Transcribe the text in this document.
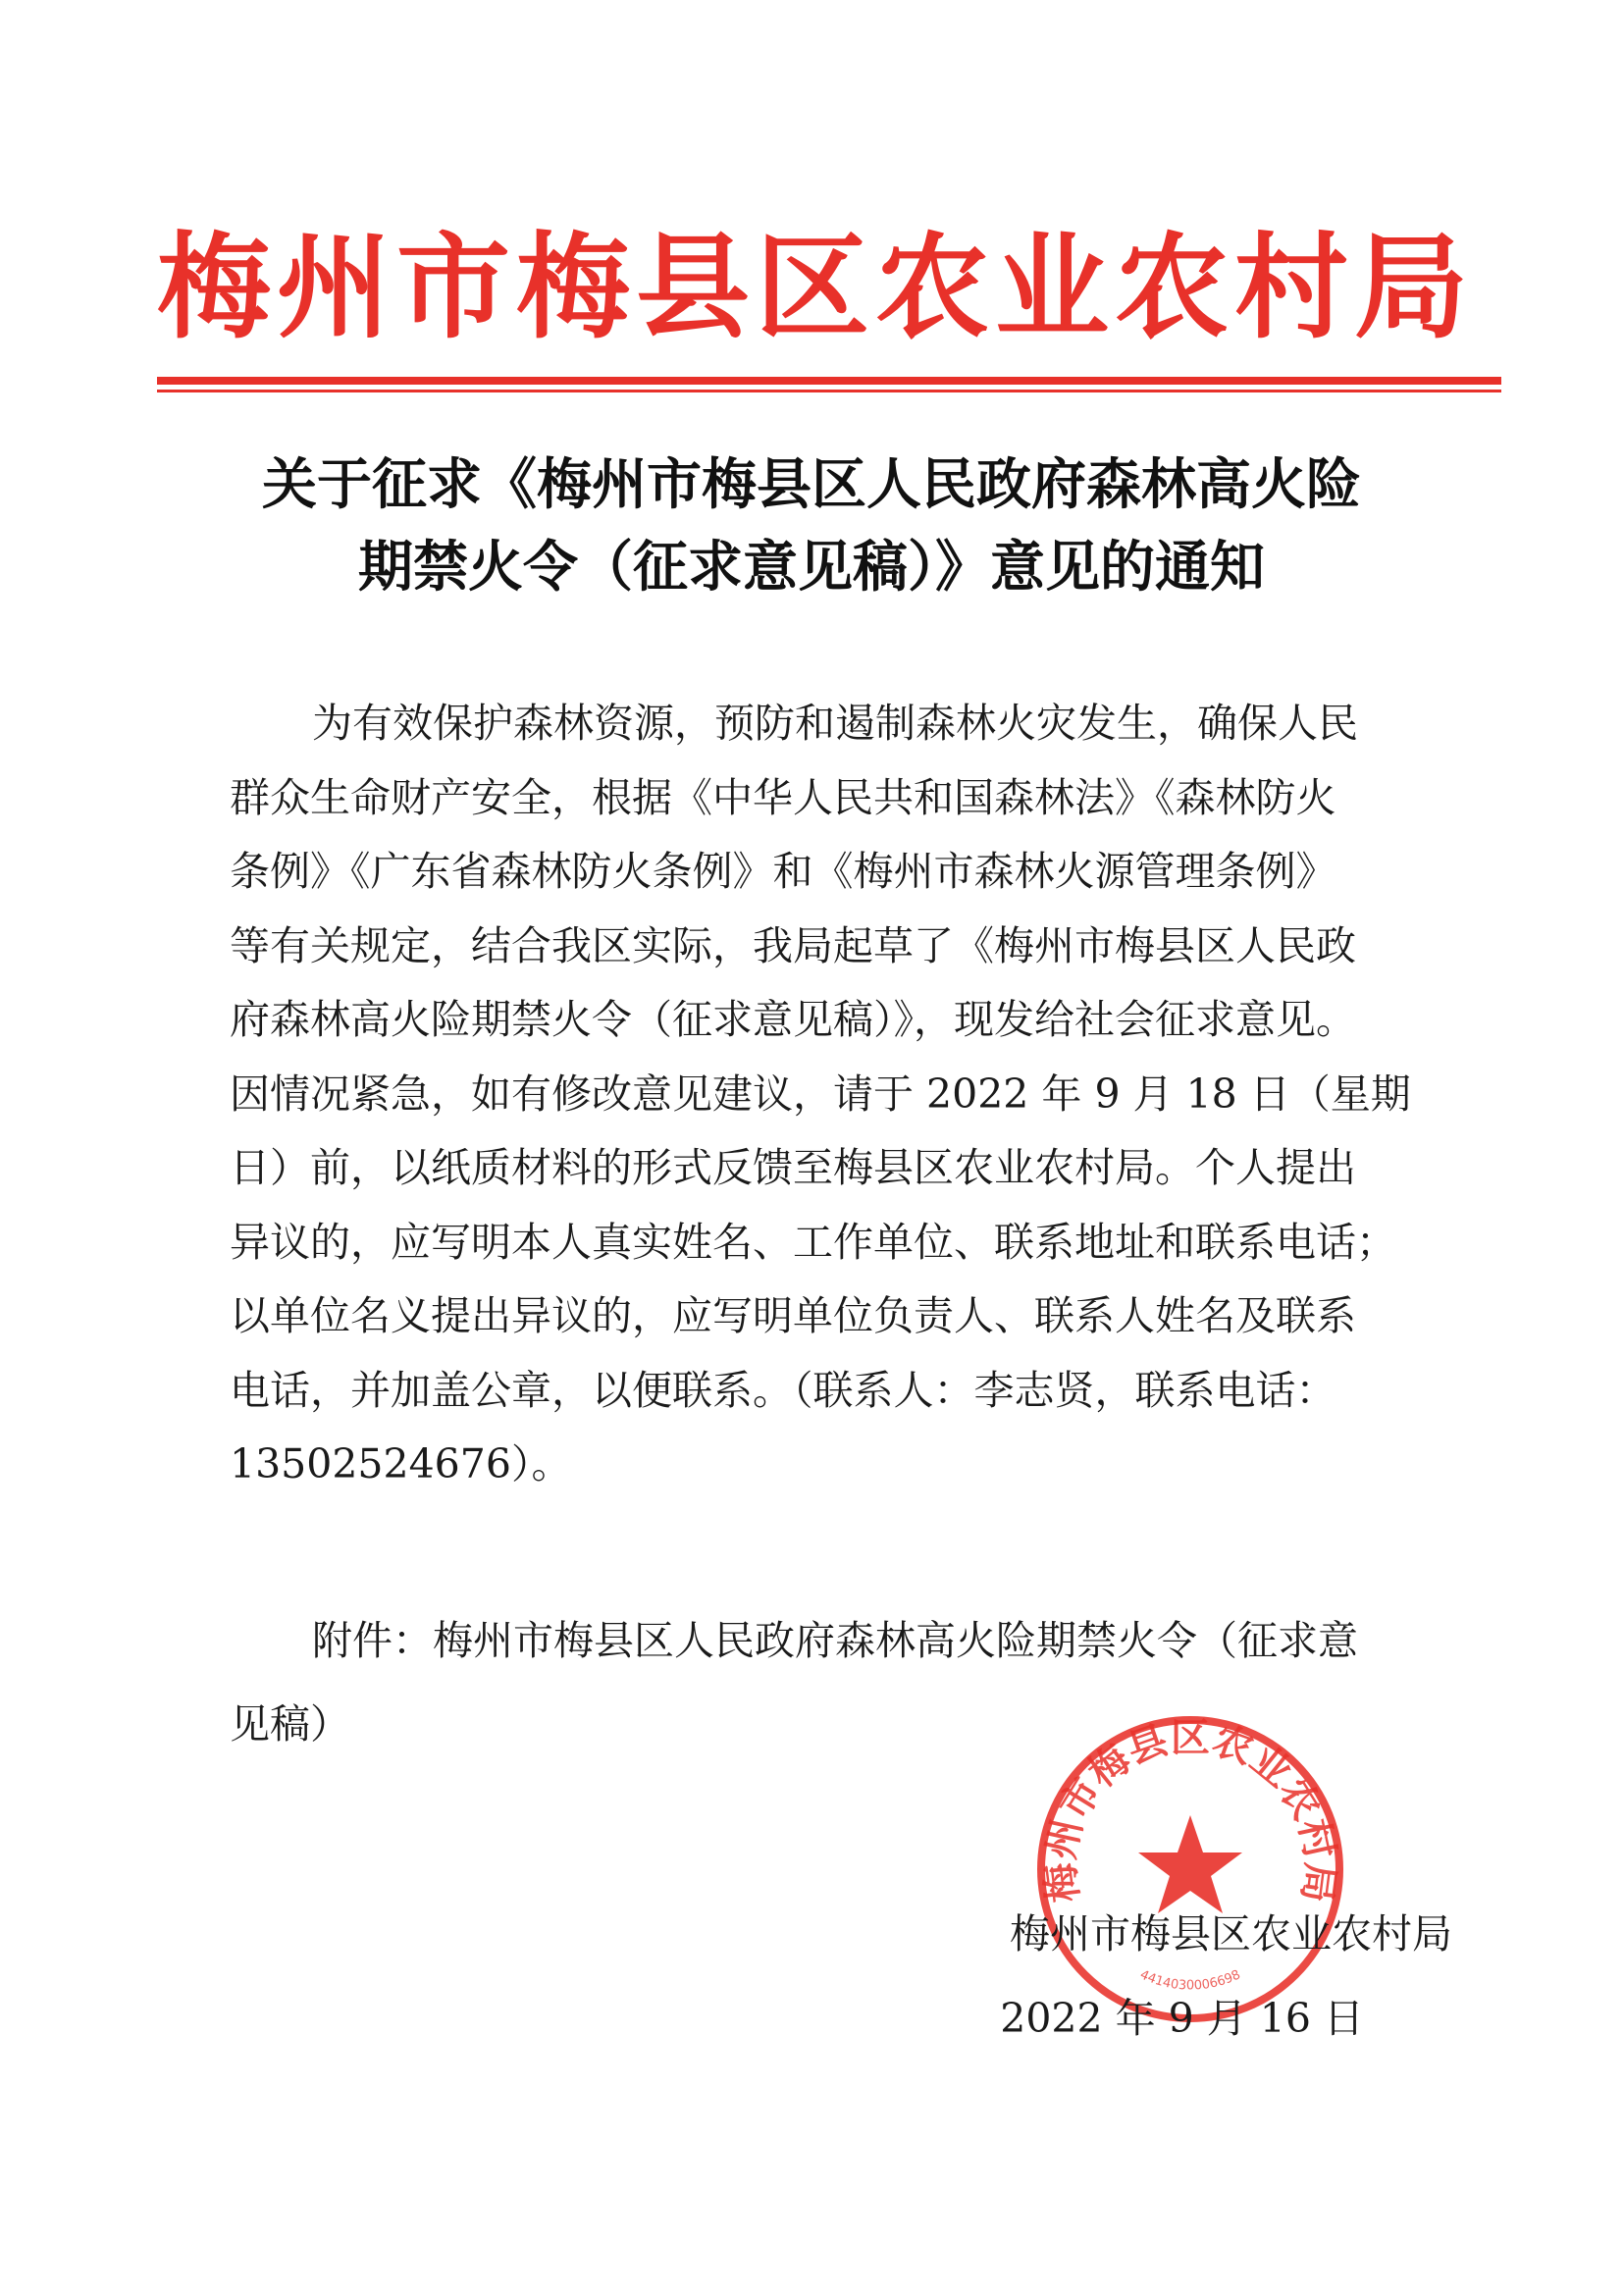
梅州市梅县区农业农村局
关于征求《梅州市梅县区人民政府森林高火险
期禁火令（征求意见稿）》意见的通知
为有效保护森林资源，预防和遏制森林火灾发生，确保人民
群众生命财产安全，根据《中华人民共和国森林法》《森林防火
条例》《广东省森林防火条例》和《梅州市森林火源管理条例》
等有关规定，结合我区实际，我局起草了《梅州市梅县区人民政
府森林高火险期禁火令（征求意见稿）》，现发给社会征求意见。
因情况紧急，如有修改意见建议，请于 2022 年 9 月 18 日（星期
日）前，以纸质材料的形式反馈至梅县区农业农村局。个人提出
异议的，应写明本人真实姓名、工作单位、联系地址和联系电话；
以单位名义提出异议的，应写明单位负责人、联系人姓名及联系
电话，并加盖公章，以便联系。（联系人：李志贤，联系电话：
13502524676）。
附件：梅州市梅县区人民政府森林高火险期禁火令（征求意
见稿）
梅州市梅县区农业农村局
4414030006698
梅州市梅县区农业农村局
2022 年 9 月 16 日
